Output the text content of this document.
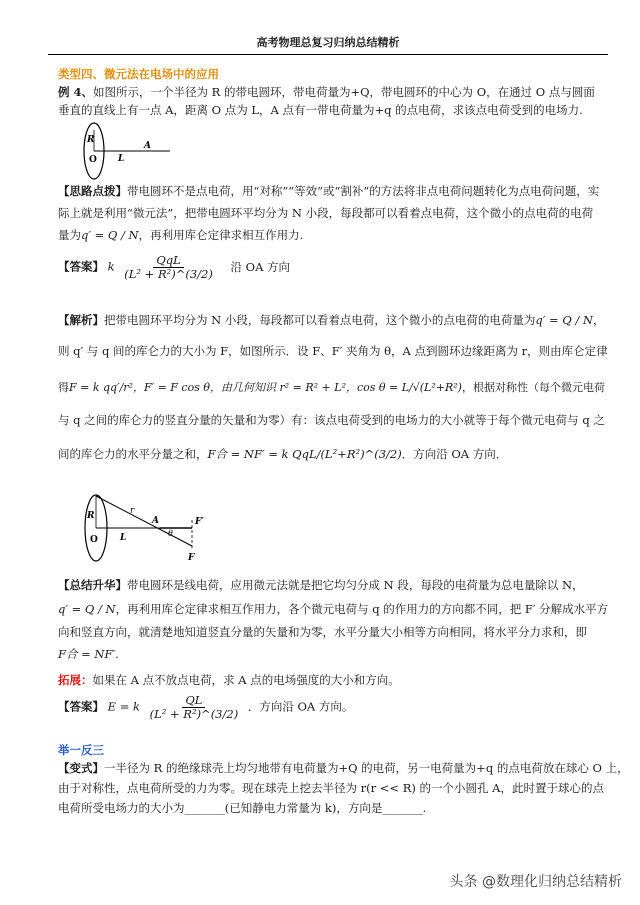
高考物理总复习归纳总结精析
类型四、微元法在电场中的应用
例 4、如图所示，一个半径为 R 的带电圆环，带电荷量为+Q，带电圆环的中心为 O，在通过 O 点与圆面
垂直的直线上有一点 A，距离 O 点为 L，A 点有一带电荷量为+q 的点电荷，求该点电荷受到的电场力.
R
O L
A
【思路点拨】带电圆环不是点电荷，用“对称”“等效”或“割补”的方法将非点电荷问题转化为点电荷问题，实
际上就是利用“微元法”，把带电圆环平均分为 N 小段，每段都可以看着点电荷，这个微小的点电荷的电荷
量为q′ = Q / N，再利用库仑定律求相互作用力.
【答案】 k $\frac{\text{QqL}}{\text{(L² + R²)\textasciicircum{}(3/2)}}$ 沿 OA 方向
【解析】把带电圆环平均分为 N 小段，每段都可以看着点电荷，这个微小的点电荷的电荷量为q′ = Q / N，
则 q′ 与 q 间的库仑力的大小为 F，如图所示．设 F、F′ 夹角为 θ，A 点到圆环边缘距离为 r，则由库仑定律
得F = k qq′/r²，F′ = F cos θ，由几何知识 r² = R² + L²，cos θ = L/√(L²+R²)，根据对称性（每个微元电荷
与 q 之间的库仑力的竖直分量的矢量和为零）有：该点电荷受到的电场力的大小就等于每个微元电荷与 q 之
间的库仑力的水平分量之和，F合 = NF′ = k QqL/(L²+R²)^(3/2)．方向沿 OA 方向．
R
O
r
L
A
θ
F′
F
【总结升华】带电圆环是线电荷，应用微元法就是把它均匀分成 N 段，每段的电荷量为总电量除以 N，
q′ = Q / N，再利用库仑定律求相互作用力，各个微元电荷与 q 的作用力的方向都不同，把 F′ 分解成水平方
向和竖直方向，就清楚地知道竖直分量的矢量和为零，水平分量大小相等方向相同，将水平分力求和，即
F合 = NF′.
拓展：如果在 A 点不放点电荷，求 A 点的电场强度的大小和方向。
【答案】 E = k $\frac{QL}{\text{(L² + R²)\textasciicircum{}(3/2)}}$ ．方向沿 OA 方向。
举一反三
【变式】一半径为 R 的绝缘球壳上均匀地带有电荷量为+Q 的电荷，另一电荷量为+q 的点电荷放在球心 O 上，
由于对称性，点电荷所受的力为零。现在球壳上挖去半径为 r(r << R) 的一个小圆孔 A，此时置于球心的点
电荷所受电场力的大小为_______(已知静电力常量为 k)，方向是_______.
头条 @数理化归纳总结精析
